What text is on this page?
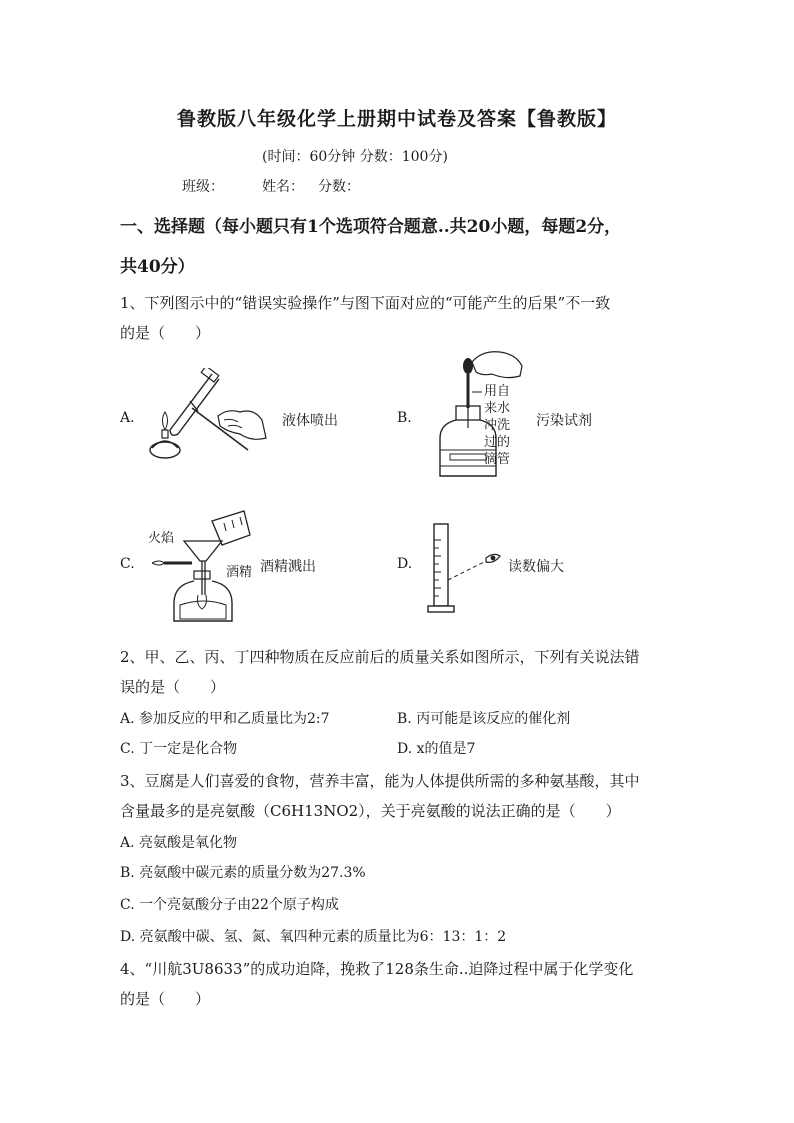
鲁教版八年级化学上册期中试卷及答案【鲁教版】
(时间：60分钟 分数：100分)
班级：	姓名： 分数：
一、选择题（每小题只有1个选项符合题意..共20小题，每题2分，
共40分）
1、下列图示中的“错误实验操作”与图下面对应的“可能产生的后果”不一致
的是（　　）
A.	液体喷出	B.
用自
来水
冲洗
过的
滴管
污染试剂
C.
火焰
酒精 酒精溅出	D.	读数偏大
2、甲、乙、丙、丁四种物质在反应前后的质量关系如图所示，下列有关说法错
误的是（　　）
A. 参加反应的甲和乙质量比为2:7	B. 丙可能是该反应的催化剂
C. 丁一定是化合物	D. x的值是7
3、豆腐是人们喜爱的食物，营养丰富，能为人体提供所需的多种氨基酸，其中
含量最多的是亮氨酸（C6H13NO2），关于亮氨酸的说法正确的是（　　）
A. 亮氨酸是氧化物
B. 亮氨酸中碳元素的质量分数为27.3%
C. 一个亮氨酸分子由22个原子构成
D. 亮氨酸中碳、氢、氮、氧四种元素的质量比为6：13：1：2
4、“川航3U8633”的成功迫降，挽救了128条生命..迫降过程中属于化学变化
的是（　　）
